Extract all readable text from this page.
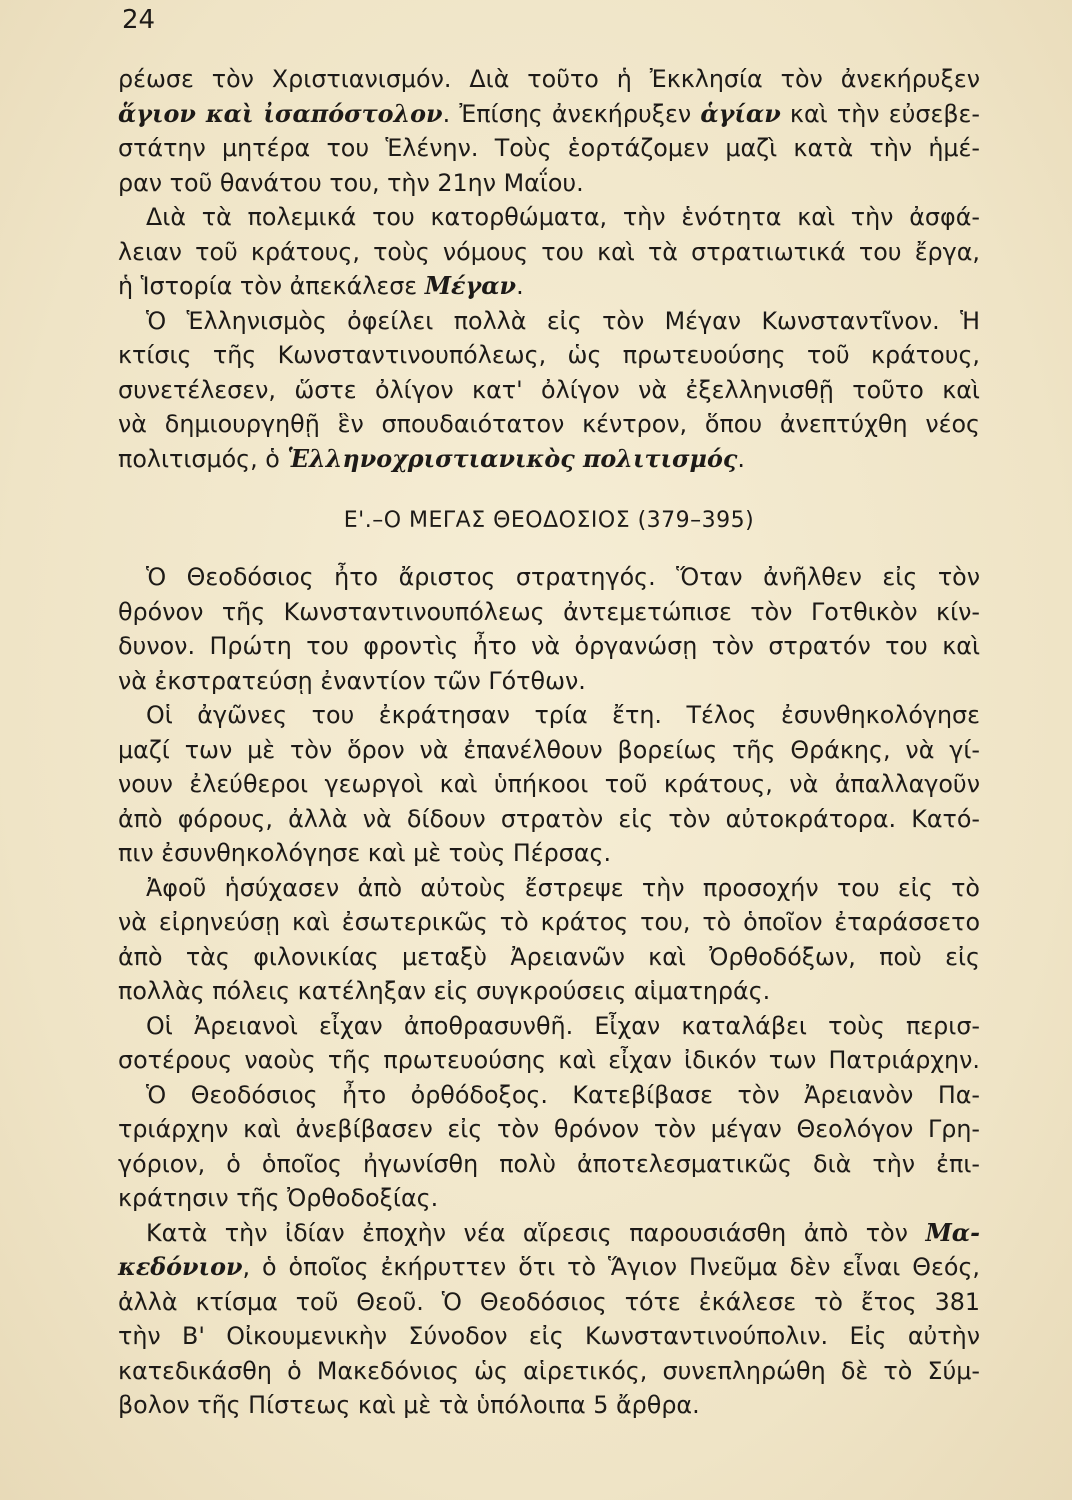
24

ρέωσε τὸν Χριστιανισμόν. Διὰ τοῦτο ἡ Ἐκκλησία τὸν ἀνεκήρυξεν
ἅγιον καὶ ἰσαπόστολον. Ἐπίσης ἀνεκήρυξεν ἁγίαν καὶ τὴν εὐσεβε-
στάτην μητέρα του Ἑλένην. Τοὺς ἑορτάζομεν μαζὶ κατὰ τὴν ἡμέ-
ραν τοῦ θανάτου του, τὴν 21ην Μαΐου.

Διὰ τὰ πολεμικά του κατορθώματα, τὴν ἑνότητα καὶ τὴν ἀσφά-
λειαν τοῦ κράτους, τοὺς νόμους του καὶ τὰ στρατιωτικά του ἔργα,
ἡ Ἱστορία τὸν ἀπεκάλεσε Μέγαν.

Ὁ Ἑλληνισμὸς ὀφείλει πολλὰ εἰς τὸν Μέγαν Κωνσταντῖνον. Ἡ
κτίσις τῆς Κωνσταντινουπόλεως, ὡς πρωτευούσης τοῦ κράτους,
συνετέλεσεν, ὥστε ὀλίγον κατ' ὀλίγον νὰ ἐξελληνισθῇ τοῦτο καὶ
νὰ δημιουργηθῇ ἓν σπουδαιότατον κέντρον, ὅπου ἀνεπτύχθη νέος
πολιτισμός, ὁ Ἑλληνοχριστιανικὸς πολιτισμός.

Ε'.–Ο ΜΕΓΑΣ ΘΕΟΔΟΣΙΟΣ (379–395)

Ὁ Θεοδόσιος ἦτο ἄριστος στρατηγός. Ὅταν ἀνῆλθεν εἰς τὸν
θρόνον τῆς Κωνσταντινουπόλεως ἀντεμετώπισε τὸν Γοτθικὸν κίν-
δυνον. Πρώτη του φροντὶς ἦτο νὰ ὀργανώσῃ τὸν στρατόν του καὶ
νὰ ἐκστρατεύσῃ ἐναντίον τῶν Γότθων.

Οἱ ἀγῶνες του ἐκράτησαν τρία ἔτη. Τέλος ἐσυνθηκολόγησε
μαζί των μὲ τὸν ὅρον νὰ ἐπανέλθουν βορείως τῆς Θράκης, νὰ γί-
νουν ἐλεύθεροι γεωργοὶ καὶ ὑπήκοοι τοῦ κράτους, νὰ ἀπαλλαγοῦν
ἀπὸ φόρους, ἀλλὰ νὰ δίδουν στρατὸν εἰς τὸν αὐτοκράτορα. Κατό-
πιν ἐσυνθηκολόγησε καὶ μὲ τοὺς Πέρσας.

Ἀφοῦ ἡσύχασεν ἀπὸ αὐτοὺς ἔστρεψε τὴν προσοχήν του εἰς τὸ
νὰ εἰρηνεύσῃ καὶ ἐσωτερικῶς τὸ κράτος του, τὸ ὁποῖον ἐταράσσετο
ἀπὸ τὰς φιλονικίας μεταξὺ Ἀρειανῶν καὶ Ὀρθοδόξων, ποὺ εἰς
πολλὰς πόλεις κατέληξαν εἰς συγκρούσεις αἱματηράς.

Οἱ Ἀρειανοὶ εἶχαν ἀποθρασυνθῆ. Εἶχαν καταλάβει τοὺς περισ-
σοτέρους ναοὺς τῆς πρωτευούσης καὶ εἶχαν ἰδικόν των Πατριάρχην.

Ὁ Θεοδόσιος ἦτο ὀρθόδοξος. Κατεβίβασε τὸν Ἀρειανὸν Πα-
τριάρχην καὶ ἀνεβίβασεν εἰς τὸν θρόνον τὸν μέγαν Θεολόγον Γρη-
γόριον, ὁ ὁποῖος ἠγωνίσθη πολὺ ἀποτελεσματικῶς διὰ τὴν ἐπι-
κράτησιν τῆς Ὀρθοδοξίας.

Κατὰ τὴν ἰδίαν ἐποχὴν νέα αἵρεσις παρουσιάσθη ἀπὸ τὸν Μα-
κεδόνιον, ὁ ὁποῖος ἐκήρυττεν ὅτι τὸ Ἅγιον Πνεῦμα δὲν εἶναι Θεός,
ἀλλὰ κτίσμα τοῦ Θεοῦ. Ὁ Θεοδόσιος τότε ἐκάλεσε τὸ ἔτος 381
τὴν Β' Οἰκουμενικὴν Σύνοδον εἰς Κωνσταντινούπολιν. Εἰς αὐτὴν
κατεδικάσθη ὁ Μακεδόνιος ὡς αἱρετικός, συνεπληρώθη δὲ τὸ Σύμ-
βολον τῆς Πίστεως καὶ μὲ τὰ ὑπόλοιπα 5 ἄρθρα.
